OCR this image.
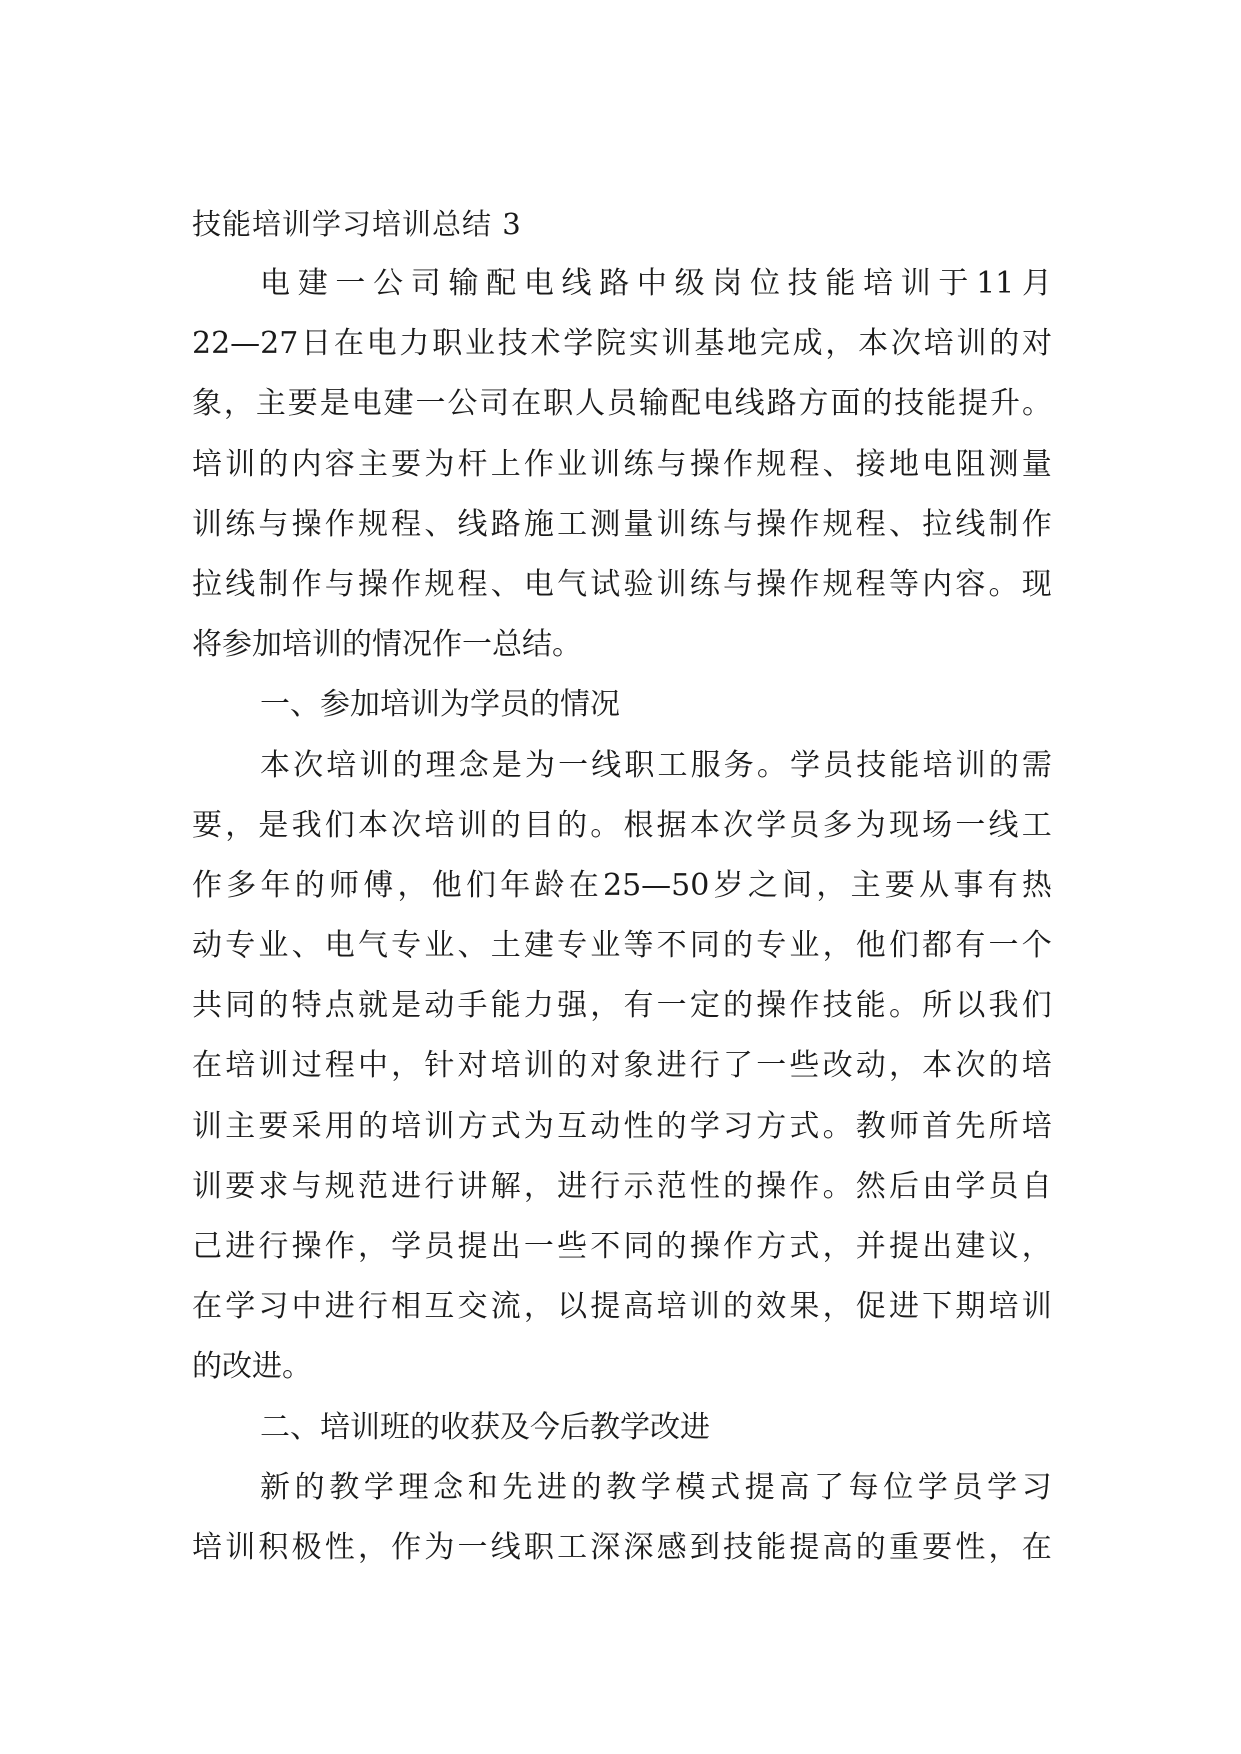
技能培训学习培训总结 3
电 建 一 公 司 输 配 电 线 路 中 级 岗 位 技 能 培 训 于 11 月
22—27 日 在 电 力 职 业 技 术 学 院 实 训 基 地 完 成 ， 本 次 培 训 的 对
象 ， 主 要 是 电 建 一 公 司 在 职 人 员 输 配 电 线 路 方 面 的 技 能 提 升 。
培 训 的 内 容 主 要 为 杆 上 作 业 训 练 与 操 作 规 程 、 接 地 电 阻 测 量
训 练 与 操 作 规 程 、 线 路 施 工 测 量 训 练 与 操 作 规 程 、 拉 线 制 作
拉 线 制 作 与 操 作 规 程 、 电 气 试 验 训 练 与 操 作 规 程 等 内 容 。 现
将参加培训的情况作一总结。
一、参加培训为学员的情况
本 次 培 训 的 理 念 是 为 一 线 职 工 服 务 。 学 员 技 能 培 训 的 需
要 ， 是 我 们 本 次 培 训 的 目 的 。 根 据 本 次 学 员 多 为 现 场 一 线 工
作 多 年 的 师 傅 ， 他 们 年 龄 在 25—50 岁 之 间 ， 主 要 从 事 有 热
动 专 业 、 电 气 专 业 、 土 建 专 业 等 不 同 的 专 业 ， 他 们 都 有 一 个
共 同 的 特 点 就 是 动 手 能 力 强 ， 有 一 定 的 操 作 技 能 。 所 以 我 们
在 培 训 过 程 中 ， 针 对 培 训 的 对 象 进 行 了 一 些 改 动 ， 本 次 的 培
训 主 要 采 用 的 培 训 方 式 为 互 动 性 的 学 习 方 式 。 教 师 首 先 所 培
训 要 求 与 规 范 进 行 讲 解 ， 进 行 示 范 性 的 操 作 。 然 后 由 学 员 自
己 进 行 操 作 ， 学 员 提 出 一 些 不 同 的 操 作 方 式 ， 并 提 出 建 议 ，
在 学 习 中 进 行 相 互 交 流 ， 以 提 高 培 训 的 效 果 ， 促 进 下 期 培 训
的改进。
二、培训班的收获及今后教学改进
新 的 教 学 理 念 和 先 进 的 教 学 模 式 提 高 了 每 位 学 员 学 习
培 训 积 极 性 ， 作 为 一 线 职 工 深 深 感 到 技 能 提 高 的 重 要 性 ， 在
